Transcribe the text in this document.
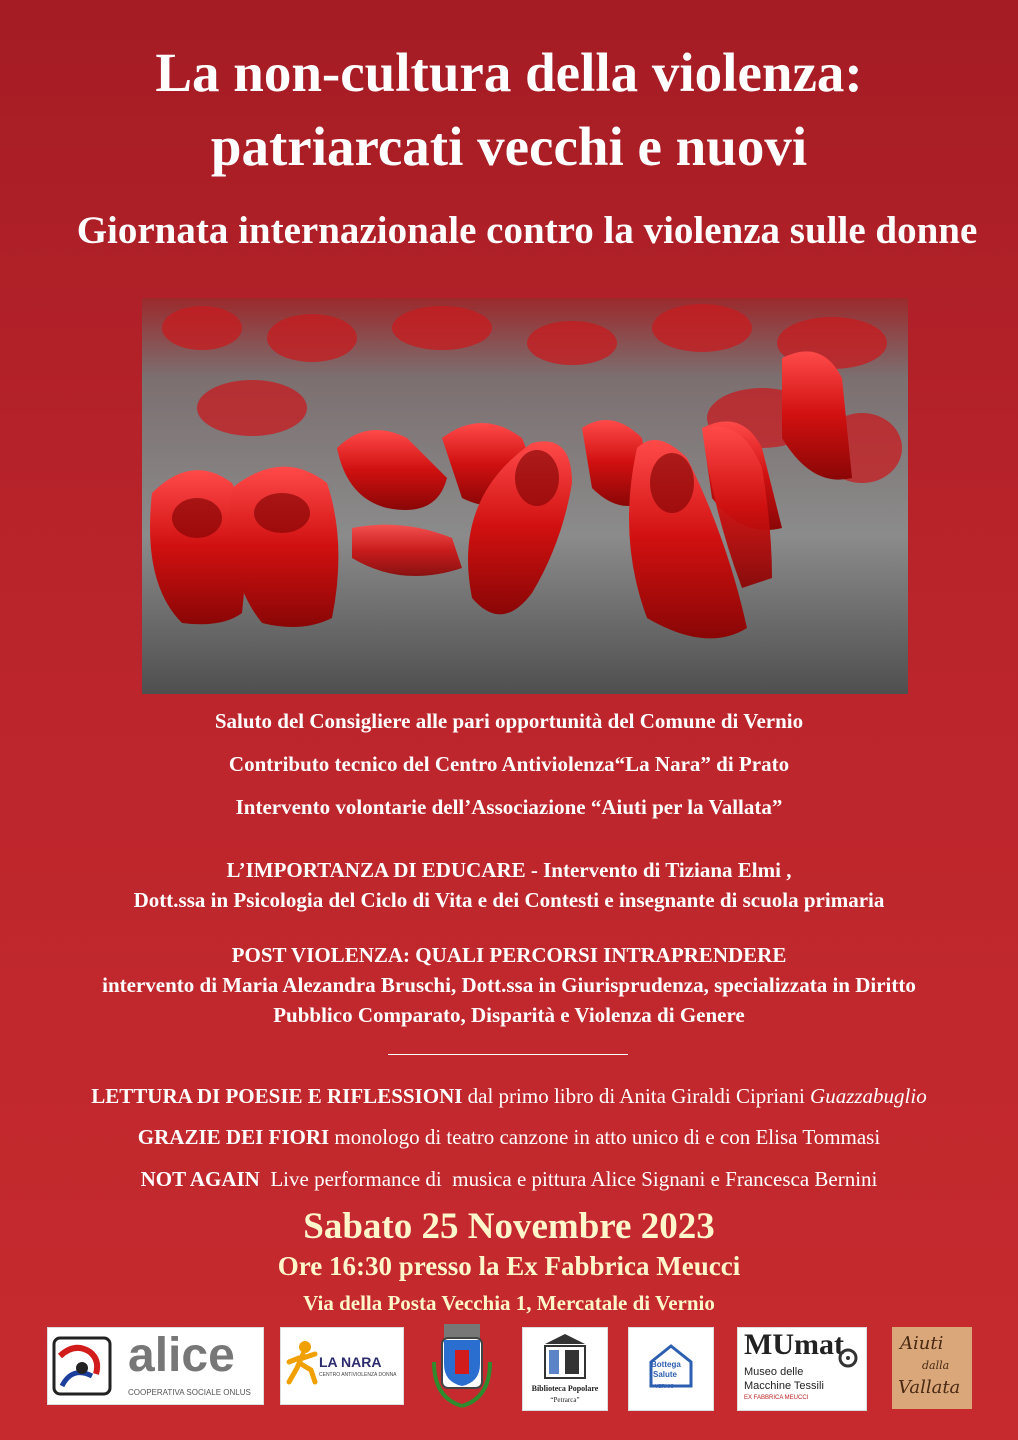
La non-cultura della violenza:
patriarcati vecchi e nuovi
Giornata internazionale contro la violenza sulle donne
Saluto del Consigliere alle pari opportunità del Comune di Vernio
Contributo tecnico del Centro Antiviolenza“La Nara” di Prato
Intervento volontarie dell’Associazione “Aiuti per la Vallata”
L’IMPORTANZA DI EDUCARE - Intervento di Tiziana Elmi ,
Dott.ssa in Psicologia del Ciclo di Vita e dei Contesti e insegnante di scuola primaria
POST VIOLENZA: QUALI PERCORSI INTRAPRENDERE
intervento di Maria Alezandra Bruschi, Dott.ssa in Giurisprudenza, specializzata in Diritto
Pubblico Comparato, Disparità e Violenza di Genere
LETTURA DI POESIE E RIFLESSIONI dal primo libro di Anita Giraldi Cipriani Guazzabuglio
GRAZIE DEI FIORI monologo di teatro canzone in atto unico di e con Elisa Tommasi
NOT AGAIN  Live performance di  musica e pittura Alice Signani e Francesca Bernini
Sabato 25 Novembre 2023
Ore 16:30 presso la Ex Fabbrica Meucci
Via della Posta Vecchia 1, Mercatale di Vernio
alice
COOPERATIVA SOCIALE ONLUS
LA NARA
CENTRO ANTIVIOLENZA DONNA
Biblioteca Popolare
“Petrarca”
Bottega
Salute
VERNIO
MUmat
Museo delle
Macchine Tessili
EX FABBRICA MEUCCI
Aiuti
dalla
Vallata
